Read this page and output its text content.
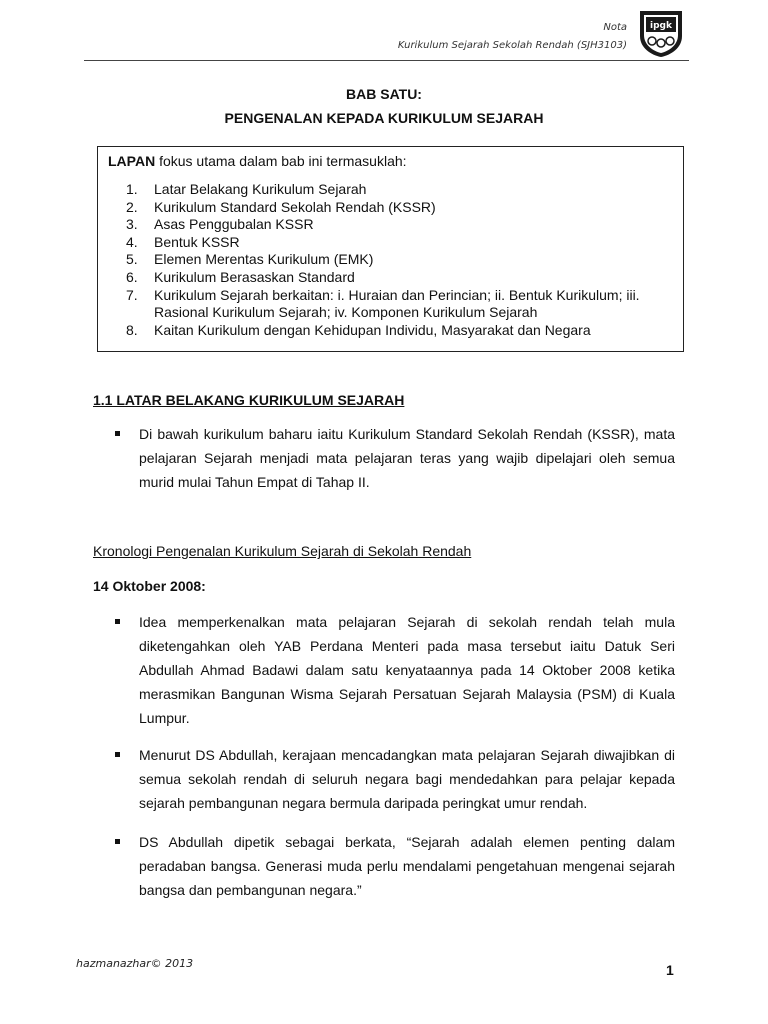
Nota
Kurikulum Sejarah Sekolah Rendah (SJH3103)
ipgk
BAB SATU:
PENGENALAN KEPADA KURIKULUM SEJARAH
LAPAN fokus utama dalam bab ini termasuklah:
1. Latar Belakang Kurikulum Sejarah
2. Kurikulum Standard Sekolah Rendah (KSSR)
3. Asas Penggubalan KSSR
4. Bentuk KSSR
5. Elemen Merentas Kurikulum (EMK)
6. Kurikulum Berasaskan Standard
7. Kurikulum Sejarah berkaitan: i. Huraian dan Perincian; ii. Bentuk Kurikulum; iii. Rasional Kurikulum Sejarah; iv. Komponen Kurikulum Sejarah
8. Kaitan Kurikulum dengan Kehidupan Individu, Masyarakat dan Negara
1.1 LATAR BELAKANG KURIKULUM SEJARAH

Di bawah kurikulum baharu iaitu Kurikulum Standard Sekolah Rendah (KSSR), mata pelajaran Sejarah menjadi mata pelajaran teras yang wajib dipelajari oleh semua murid mulai Tahun Empat di Tahap II.

Kronologi Pengenalan Kurikulum Sejarah di Sekolah Rendah
14 Oktober 2008:

Idea memperkenalkan mata pelajaran Sejarah di sekolah rendah telah mula diketengahkan oleh YAB Perdana Menteri pada masa tersebut iaitu Datuk Seri Abdullah Ahmad Badawi dalam satu kenyataannya pada 14 Oktober 2008 ketika merasmikan Bangunan Wisma Sejarah Persatuan Sejarah Malaysia (PSM) di Kuala Lumpur.

Menurut DS Abdullah, kerajaan mencadangkan mata pelajaran Sejarah diwajibkan di semua sekolah rendah di seluruh negara bagi mendedahkan para pelajar kepada sejarah pembangunan negara bermula daripada peringkat umur rendah.

DS Abdullah dipetik sebagai berkata, “Sejarah adalah elemen penting dalam peradaban bangsa. Generasi muda perlu mendalami pengetahuan mengenai sejarah bangsa dan pembangunan negara.”

hazmanazhar© 2013	1
